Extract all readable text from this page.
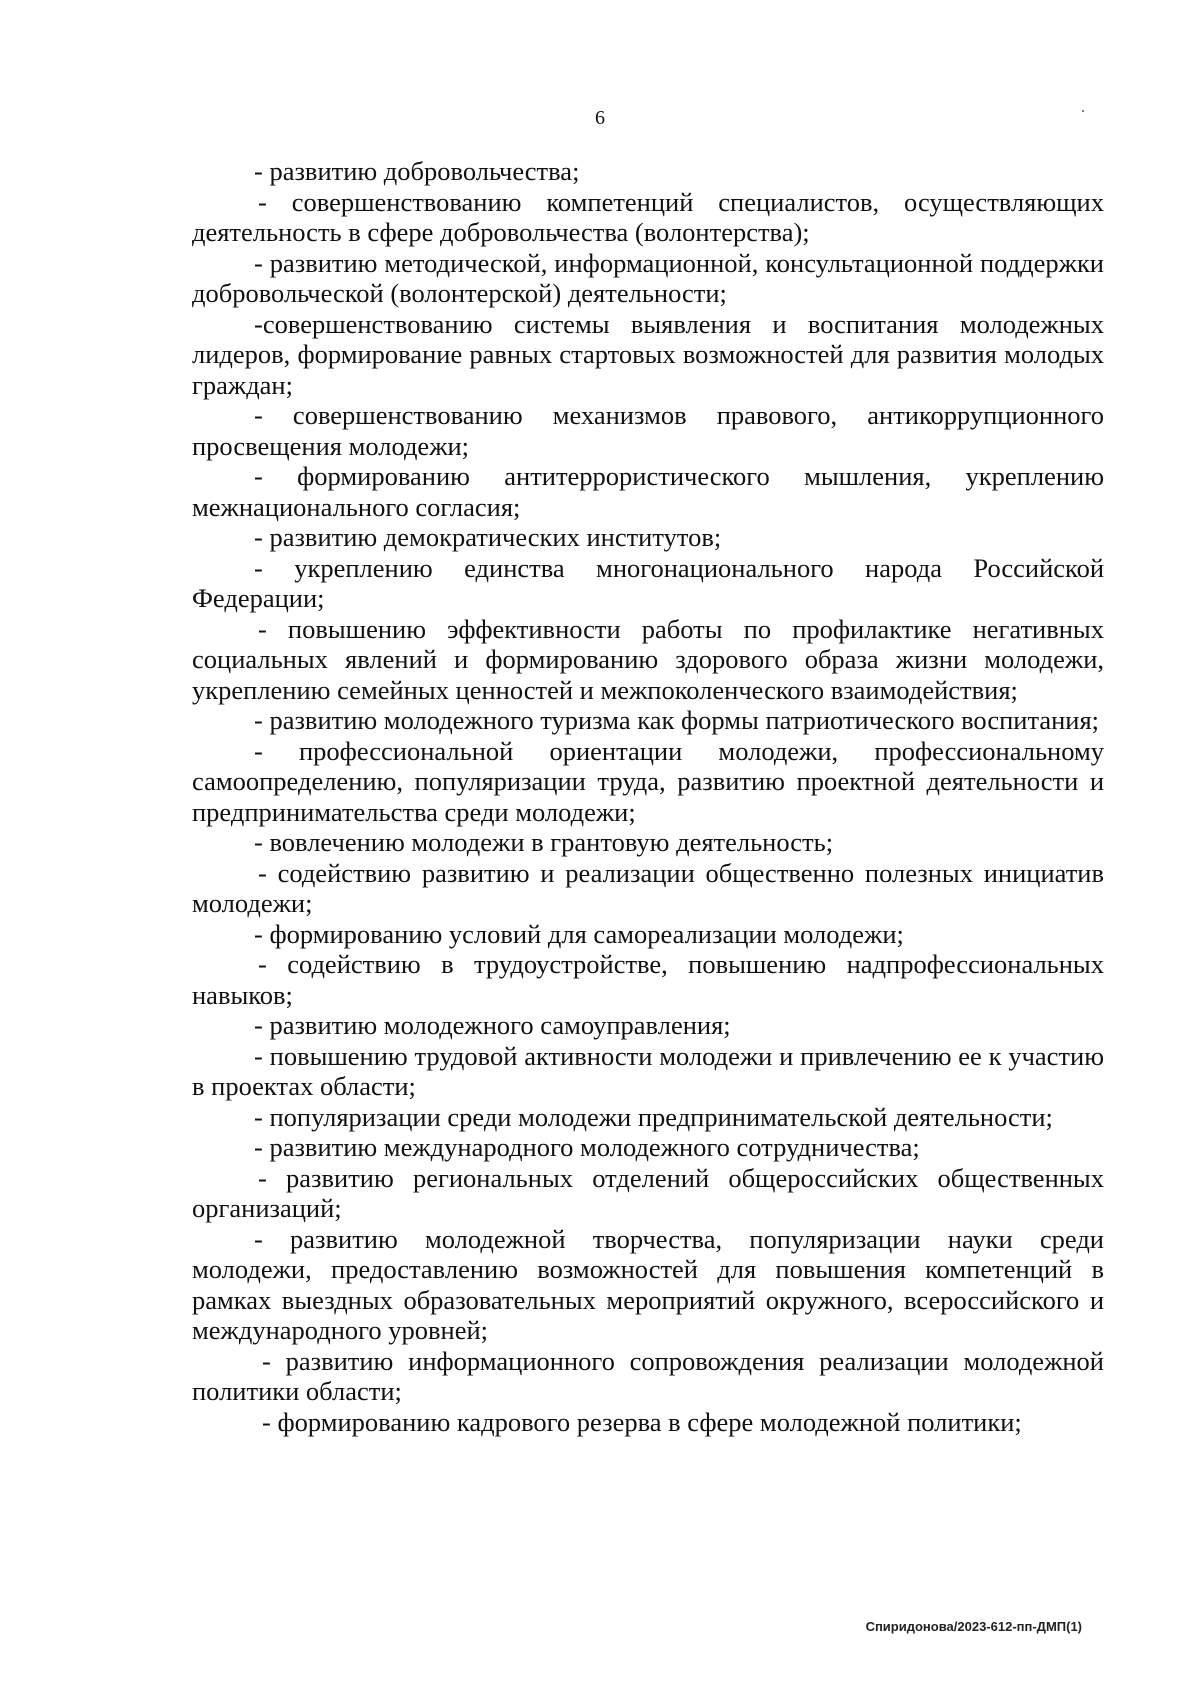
6

- развитию добровольчества;

- совершенствованию компетенций специалистов, осуществляющих деятельность в сфере добровольчества (волонтерства);

- развитию методической, информационной, консультационной поддержки добровольческой (волонтерской) деятельности;

-совершенствованию системы выявления и воспитания молодежных лидеров, формирование равных стартовых возможностей для развития молодых граждан;

- совершенствованию механизмов правового, антикоррупционного просвещения молодежи;

- формированию антитеррористического мышления, укреплению межнационального согласия;

- развитию демократических институтов;

- укреплению единства многонационального народа Российской Федерации;

- повышению эффективности работы по профилактике негативных социальных явлений и формированию здорового образа жизни молодежи, укреплению семейных ценностей и межпоколенческого взаимодействия;

- развитию молодежного туризма как формы патриотического воспитания;

- профессиональной ориентации молодежи, профессиональному самоопределению, популяризации труда, развитию проектной деятельности и предпринимательства среди молодежи;

- вовлечению молодежи в грантовую деятельность;

- содействию развитию и реализации общественно полезных инициатив молодежи;

- формированию условий для самореализации молодежи;

- содействию в трудоустройстве, повышению надпрофессиональных навыков;

- развитию молодежного самоуправления;

- повышению трудовой активности молодежи и привлечению ее к участию в проектах области;

- популяризации среди молодежи предпринимательской деятельности;

- развитию международного молодежного сотрудничества;

- развитию региональных отделений общероссийских общественных организаций;

- развитию молодежной творчества, популяризации науки среди молодежи, предоставлению возможностей для повышения компетенций в рамках выездных образовательных мероприятий окружного, всероссийского и международного уровней;

- развитию информационного сопровождения реализации молодежной политики области;

- формированию кадрового резерва в сфере молодежной политики;

Спиридонова/2023-612-пп-ДМП(1)
